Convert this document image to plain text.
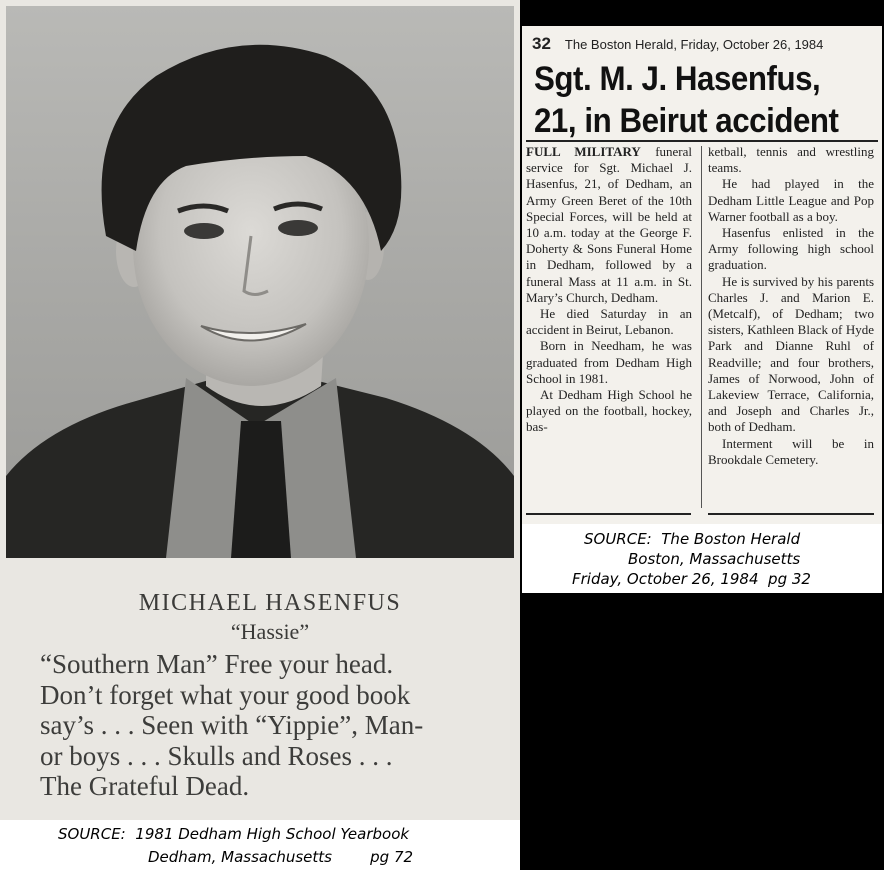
MICHAEL HASENFUS
“Hassie”
“Southern Man” Free your head.
Don’t forget what your good book
say’s . . . Seen with “Yippie”, Man-
or boys . . . Skulls and Roses . . .
The Grateful Dead.
SOURCE:  1981 Dedham High School Yearbook
Dedham, Massachusetts        pg 72
32 The Boston Herald, Friday, October 26, 1984
Sgt. M. J. Hasenfus,
21, in Beirut accident

FULL MILITARY funeral service for Sgt. Michael J. Hasenfus, 21, of Dedham, an Army Green Beret of the 10th Special Forces, will be held at 10 a.m. today at the George F. Doherty & Sons Funeral Home in Dedham, followed by a funeral Mass at 11 a.m. in St. Mary’s Church, Dedham.

He died Saturday in an accident in Beirut, Lebanon.

Born in Needham, he was graduated from Dedham High School in 1981.

At Dedham High School he played on the football, hockey, bas-

ketball, tennis and wrestling teams.

He had played in the Dedham Little League and Pop Warner football as a boy.

Hasenfus enlisted in the Army following high school graduation.

He is survived by his parents Charles J. and Marion E. (Metcalf), of Dedham; two sisters, Kathleen Black of Hyde Park and Dianne Ruhl of Readville; and four brothers, James of Norwood, John of Lakeview Terrace, California, and Joseph and Charles Jr., both of Dedham.

Interment will be in Brookdale Cemetery.

SOURCE:  The Boston Herald
Boston, Massachusetts
Friday, October 26, 1984  pg 32
